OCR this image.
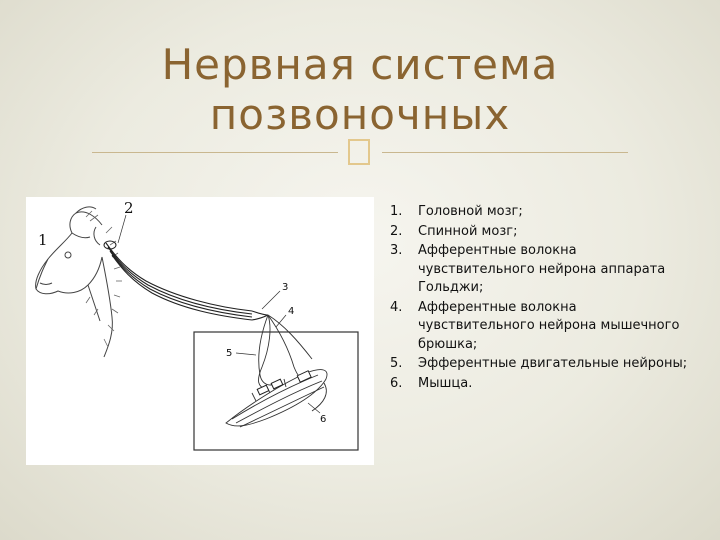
Нервная система
позвоночных
1
2
3
4
5
6
1. Головной мозг;
2. Спинной мозг;
3. Афферентные волокна чувствительного нейрона аппарата Гольджи;
4. Афферентные волокна чувствительного нейрона мышечного брюшка;
5. Эфферентные двигательные нейроны;
6. Мышца.
